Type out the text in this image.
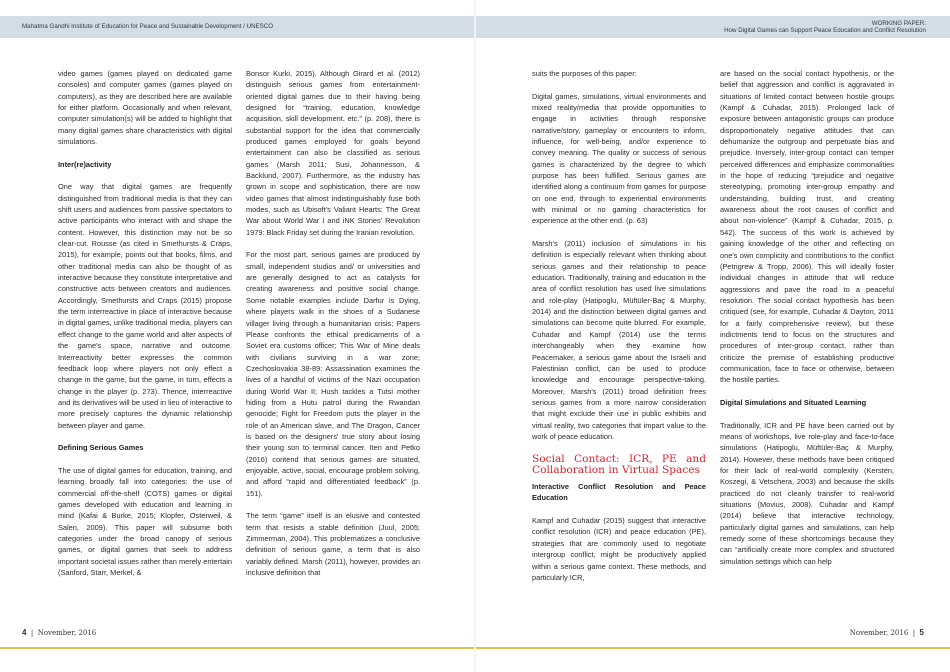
Mahatma Gandhi Institute of Education for Peace and Sustainable Development / UNESCO	WORKING PAPER:
How Digital Games can Support Peace Education and Conflict Resolution

video games (games played on dedicated game consoles) and computer games (games played on computers), as they are described here are available for either platform. Occasionally and when relevant, computer simulation(s) will be added to highlight that many digital games share characteristics with digital simulations.

Inter(re)activity

One way that digital games are frequently distinguished from traditional media is that they can shift users and audiences from passive spectators to active participants who interact with and shape the content. However, this distinction may not be so clear-cut. Rousse (as cited in Smethursts & Craps, 2015), for example, points out that books, films, and other traditional media can also be thought of as interactive because they constitute interpretative and constructive acts between creators and audiences. Accordingly, Smethursts and Craps (2015) propose the term interreactive in place of interactive because in digital games, unlike traditional media, players can effect change to the game world and alter aspects of the game's space, narrative and outcome. Interreactivity better expresses the common feedback loop where players not only effect a change in the game, but the game, in turn, effects a change in the player (p. 273). Thence, interreactive and its derivatives will be used in lieu of interactive to more precisely captures the dynamic relationship between player and game.

Defining Serious Games

The use of digital games for education, training, and learning broadly fall into categories: the use of commercial off-the-shelf (COTS) games or digital games developed with education and learning in mind (Kafai & Burke, 2015; Klopfer, Osterweil, & Salen, 2009). This paper will subsume both categories under the broad canopy of serious games, or digital games that seek to address important societal issues rather than merely entertain (Sanford, Starr, Merkel, &

Bonsor Kurki, 2015). Although Girard et al. (2012) distinguish serious games from entertainment-oriented digital games due to their having being designed for “training, education, knowledge acquisition, skill development, etc.” (p. 208), there is substantial support for the idea that commercially produced games employed for goals beyond entertainment can also be classified as serious games (Marsh 2011; Susi, Johannesson, & Backlund, 2007). Furthermore, as the industry has grown in scope and sophistication, there are now video games that almost indistinguishably fuse both modes, such as Ubisoft's Valiant Hearts: The Great War about World War I and iNK Stories' Revolution 1979: Black Friday set during the Iranian revolution.

For the most part, serious games are produced by small, independent studios and/ or universities and are generally designed to act as catalysts for creating awareness and positive social change. Some notable examples include Darfur is Dying, where players walk in the shoes of a Sudanese villager living through a humanitarian crisis; Papers Please confronts the ethical predicaments of a Soviet era customs officer; This War of Mine deals with civilians surviving in a war zone; Czechoslovakia 38-89: Assassination examines the lives of a handful of victims of the Nazi occupation during World War II; Hush tackles a Tutsi mother hiding from a Hutu patrol during the Rwandan genocide; Fight for Freedom puts the player in the role of an American slave, and The Dragon, Cancer is based on the designers' true story about losing their young son to terminal cancer. Iten and Petko (2016) contend that serious games are situated, enjoyable, active, social, encourage problem solving, and afford “rapid and differentiated feedback” (p. 151).

The term “game” itself is an elusive and contested term that resists a stable definition (Juul, 2005; Zimmerman, 2004). This problematizes a conclusive definition of serious game, a term that is also variably defined. Marsh (2011), however, provides an inclusive definition that

suits the purposes of this paper:

Digital games, simulations, virtual environments and mixed reality/media that provide opportunities to engage in activities through responsive narrative/story, gameplay or encounters to inform, influence, for well-being, and/or experience to convey meaning. The quality or success of serious games is characterized by the degree to which purpose has been fulfilled. Serious games are identified along a continuum from games for purpose on one end, through to experiential environments with minimal or no gaming characteristics for experience at the other end. (p. 63)

Marsh's (2011) inclusion of simulations in his definition is especially relevant when thinking about serious games and their relationship to peace education. Traditionally, training and education in the area of conflict resolution has used live simulations and role-play (Hatipoglu, Müftüler-Baç & Murphy, 2014) and the distinction between digital games and simulations can become quite blurred. For example, Cuhadar and Kampf (2014) use the terms interchangeably when they examine how Peacemaker, a serious game about the Israeli and Palestinian conflict, can be used to produce knowledge and encourage perspective-taking. Moreover, Marsh's (2011) broad definition frees serious games from a more narrow consideration that might exclude their use in public exhibits and virtual reality, two categories that impart value to the work of peace education.

Social Contact: ICR, PE and Collaboration in Virtual Spaces
Interactive Conflict Resolution and Peace Education

Kampf and Cuhadar (2015) suggest that interactive conflict resolution (ICR) and peace education (PE), strategies that are commonly used to negotiate intergroup conflict, might be productively applied within a serious game context. These methods, and particularly ICR,

are based on the social contact hypothesis, or the belief that aggression and conflict is aggravated in situations of limited contact between hostile groups (Kampf & Cuhadar, 2015). Prolonged lack of exposure between antagonistic groups can produce disproportionately negative attitudes that can dehumanize the outgroup and perpetuate bias and prejudice. Inversely, inter-group contact can temper perceived differences and emphasize commonalities in the hope of reducing “prejudice and negative stereotyping, promoting inter-group empathy and understanding, building trust, and creating awareness about the root causes of conflict and about non-violence” (Kampf & Cuhadar, 2015, p. 542). The success of this work is achieved by gaining knowledge of the other and reflecting on one's own complicity and contributions to the conflict (Petrigrew & Tropp, 2006). This will ideally foster individual changes in attitude that will reduce aggressions and pave the road to a peaceful resolution. The social contact hypothesis has been critiqued (see, for example, Cuhadar & Dayton, 2011 for a fairly comprehensive review), but these indictments tend to focus on the structures and procedures of inter-group contact, rather than criticize the premise of establishing productive communication, face to face or otherwise, between the hostile parties.

Digital Simulations and Situated Learning

Traditionally, ICR and PE have been carried out by means of workshops, live role-play and face-to-face simulations (Hatipoglu, Müftüler-Baç & Murphy, 2014). However, these methods have been critiqued for their lack of real-world complexity (Kersten, Koszegi, & Vetschera, 2003) and because the skills practiced do not cleanly transfer to real-world situations (Movius, 2008). Cuhadar and Kampf (2014) believe that interactive technology, particularly digital games and simulations, can help remedy some of these shortcomings because they can “artificially create more complex and structured simulation settings which can help

4 | November, 2016	November, 2016 | 5
